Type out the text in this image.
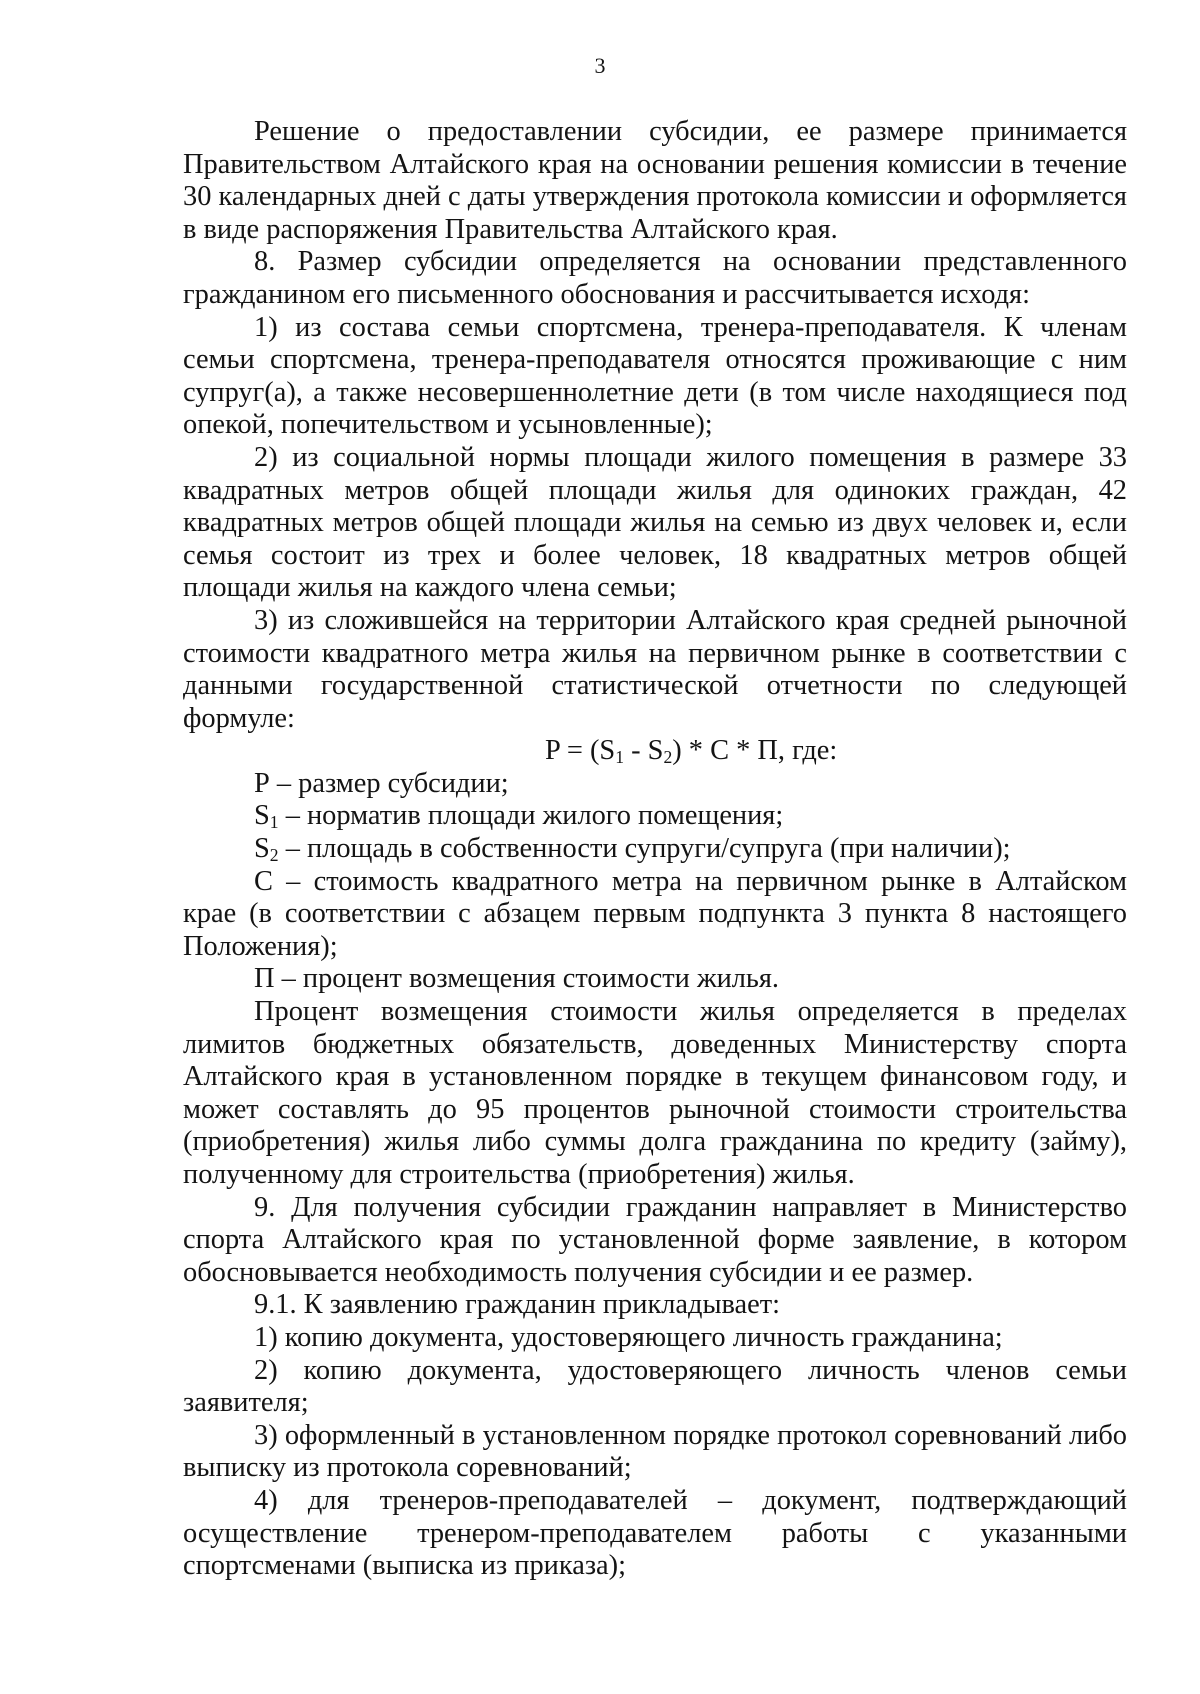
3

Решение о предоставлении субсидии, ее размере принимается Правительством Алтайского края на основании решения комиссии в течение 30 календарных дней с даты утверждения протокола комиссии и оформляется в виде распоряжения Правительства Алтайского края.

8. Размер субсидии определяется на основании представленного гражданином его письменного обоснования и рассчитывается исходя:

1) из состава семьи спортсмена, тренера-преподавателя. К членам семьи спортсмена, тренера-преподавателя относятся проживающие с ним супруг(а), а также несовершеннолетние дети (в том числе находящиеся под опекой, попечительством и усыновленные);

2) из социальной нормы площади жилого помещения в размере 33 квадратных метров общей площади жилья для одиноких граждан, 42 квадратных метров общей площади жилья на семью из двух человек и, если семья состоит из трех и более человек, 18 квадратных метров общей площади жилья на каждого члена семьи;

3) из сложившейся на территории Алтайского края средней рыночной стоимости квадратного метра жилья на первичном рынке в соответствии с данными государственной статистической отчетности по следующей формуле:

$P = (S_1 - S_2) * С * П$, где:

Р – размер субсидии;

$S_1$ – норматив площади жилого помещения;

$S_2$ – площадь в собственности супруги/супруга (при наличии);

С – стоимость квадратного метра на первичном рынке в Алтайском крае (в соответствии с абзацем первым подпункта 3 пункта 8 настоящего Положения);

П – процент возмещения стоимости жилья.

Процент возмещения стоимости жилья определяется в пределах лимитов бюджетных обязательств, доведенных Министерству спорта Алтайского края в установленном порядке в текущем финансовом году, и может составлять до 95 процентов рыночной стоимости строительства (приобретения) жилья либо суммы долга гражданина по кредиту (займу), полученному для строительства (приобретения) жилья.

9. Для получения субсидии гражданин направляет в Министерство спорта Алтайского края по установленной форме заявление, в котором обосновывается необходимость получения субсидии и ее размер.

9.1. К заявлению гражданин прикладывает:

1) копию документа, удостоверяющего личность гражданина;

2) копию документа, удостоверяющего личность членов семьи заявителя;

3) оформленный в установленном порядке протокол соревнований либо выписку из протокола соревнований;

4) для тренеров-преподавателей – документ, подтверждающий осуществление тренером-преподавателем работы с указанными спортсменами (выписка из приказа);
